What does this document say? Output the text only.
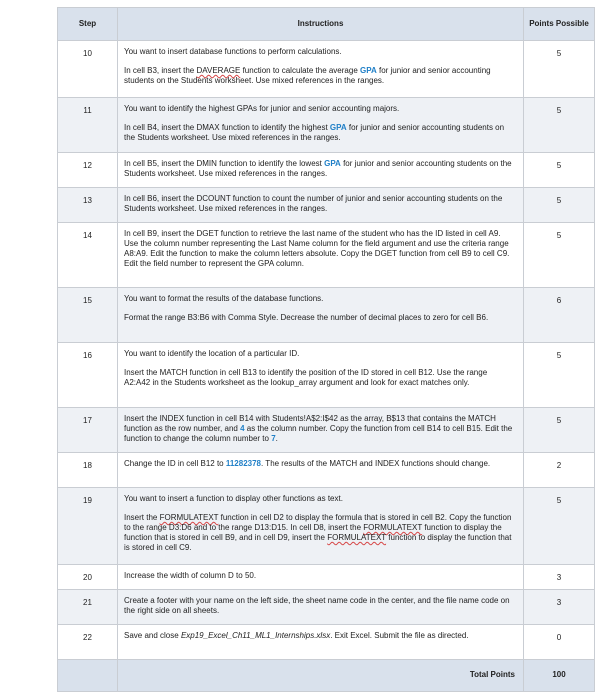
Step	Instructions	Points Possible
10	You want to insert database functions to perform calculations.

In cell B3, insert the DAVERAGE function to calculate the average GPA for junior and senior accounting students on the Students worksheet. Use mixed references in the ranges.	5
11	You want to identify the highest GPAs for junior and senior accounting majors.

In cell B4, insert the DMAX function to identify the highest GPA for junior and senior accounting students on the Students worksheet. Use mixed references in the ranges.	5
12	In cell B5, insert the DMIN function to identify the lowest GPA for junior and senior accounting students on the Students worksheet. Use mixed references in the ranges.	5
13	In cell B6, insert the DCOUNT function to count the number of junior and senior accounting students on the Students worksheet. Use mixed references in the ranges.	5
14	In cell B9, insert the DGET function to retrieve the last name of the student who has the ID listed in cell A9. Use the column number representing the Last Name column for the field argument and use the criteria range A8:A9. Edit the function to make the column letters absolute. Copy the DGET function from cell B9 to cell C9. Edit the field number to represent the GPA column.	5
15	You want to format the results of the database functions.

Format the range B3:B6 with Comma Style. Decrease the number of decimal places to zero for cell B6.	6
16	You want to identify the location of a particular ID.

Insert the MATCH function in cell B13 to identify the position of the ID stored in cell B12. Use the range A2:A42 in the Students worksheet as the lookup_array argument and look for exact matches only.	5
17	Insert the INDEX function in cell B14 with Students!A$2:I$42 as the array, B$13 that contains the MATCH function as the row number, and 4 as the column number. Copy the function from cell B14 to cell B15. Edit the function to change the column number to 7.	5
18	Change the ID in cell B12 to 11282378. The results of the MATCH and INDEX functions should change.	2
19	You want to insert a function to display other functions as text.

Insert the FORMULATEXT function in cell D2 to display the formula that is stored in cell B2. Copy the function to the range D3:D6 and to the range D13:D15. In cell D8, insert the FORMULATEXT function to display the function that is stored in cell B9, and in cell D9, insert the FORMULATEXT function to display the function that is stored in cell C9.	5
20	Increase the width of column D to 50.	3
21	Create a footer with your name on the left side, the sheet name code in the center, and the file name code on the right side on all sheets.	3
22	Save and close Exp19_Excel_Ch11_ML1_Internships.xlsx. Exit Excel. Submit the file as directed.	0
	Total Points	100
